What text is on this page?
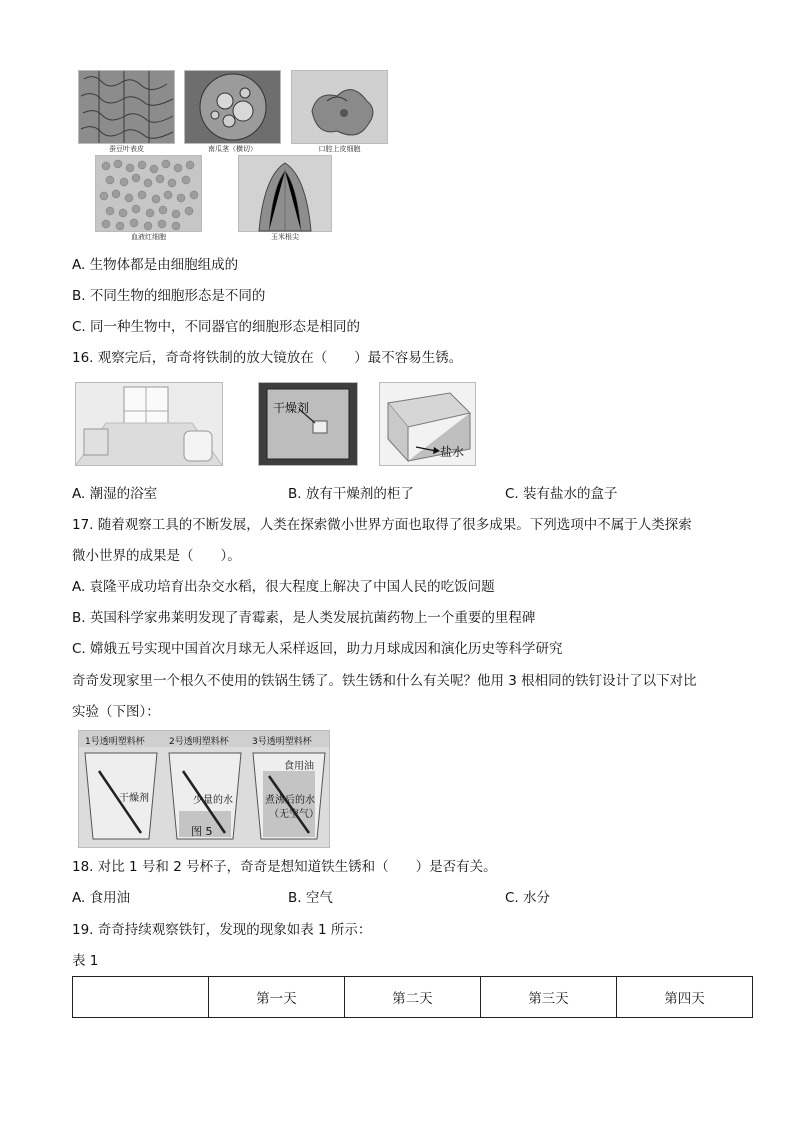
蚕豆叶表皮	南瓜茎（横切）	口腔上皮细胞
血液红细胞	玉米根尖
A. 生物体都是由细胞组成的
B. 不同生物的细胞形态是不同的
C. 同一种生物中，不同器官的细胞形态是相同的
16. 观察完后，奇奇将铁制的放大镜放在（　　）最不容易生锈。
干燥剂
盐水
A. 潮湿的浴室	B. 放有干燥剂的柜了	C. 装有盐水的盒子
17. 随着观察工具的不断发展，人类在探索微小世界方面也取得了很多成果。下列选项中不属于人类探索
微小世界的成果是（　　）。
A. 袁隆平成功培育出杂交水稻，很大程度上解决了中国人民的吃饭问题
B. 英国科学家弗莱明发现了青霉素，是人类发展抗菌药物上一个重要的里程碑
C. 嫦娥五号实现中国首次月球无人采样返回，助力月球成因和演化历史等科学研究
奇奇发现家里一个根久不使用的铁锅生锈了。铁生锈和什么有关呢？他用 3 根相同的铁钉设计了以下对比
实验（下图）：
1号透明塑料杯	2号透明塑料杯	3号透明塑料杯
干燥剂	少量的水
食用油
煮沸后的水
（无空气）
图 5
18. 对比 1 号和 2 号杯子，奇奇是想知道铁生锈和（　　）是否有关。
A. 食用油	B. 空气	C. 水分
19. 奇奇持续观察铁钉，发现的现象如表 1 所示：
表 1
	第一天	第二天	第三天	第四天
